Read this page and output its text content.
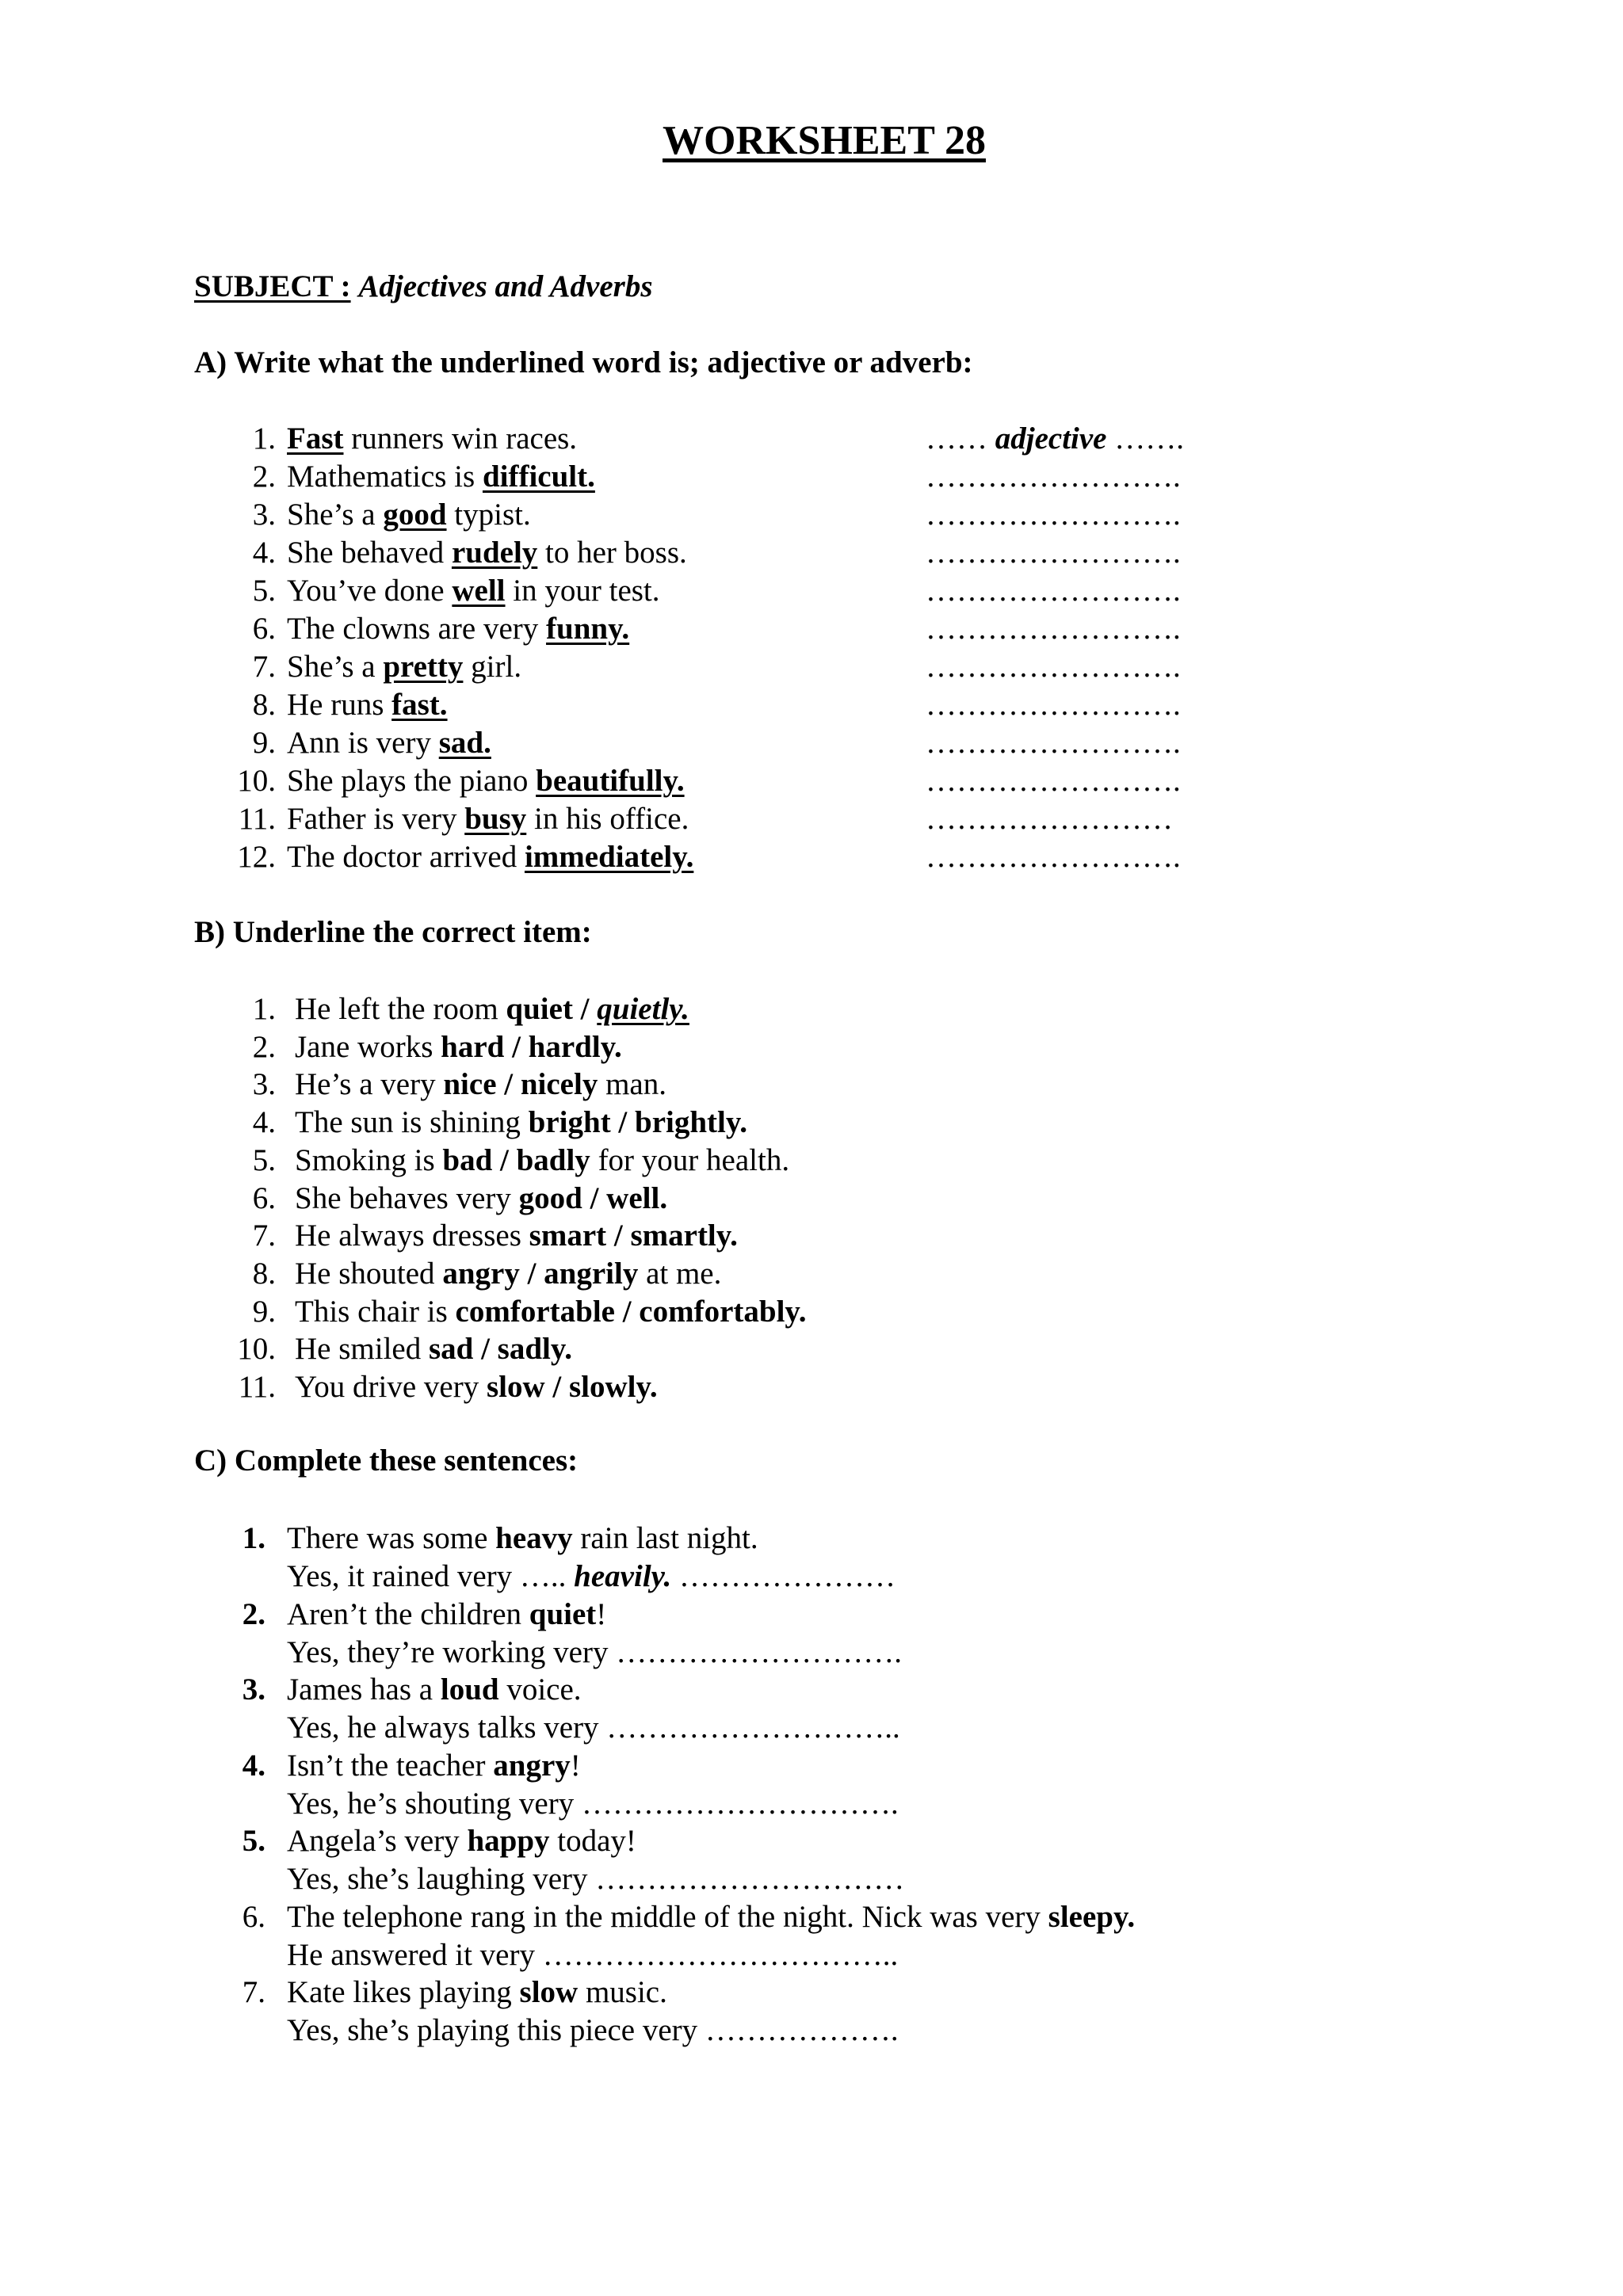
WORKSHEET 28
SUBJECT : Adjectives and Adverbs
A) Write what the underlined word is; adjective or adverb:
1. Fast runners win races.	…… adjective …….
2. Mathematics is difficult.	…………………….
3. She’s a good typist.	…………………….
4. She behaved rudely to her boss.	…………………….
5. You’ve done well in your test.	…………………….
6. The clowns are very funny.	…………………….
7. She’s a pretty girl.	…………………….
8. He runs fast.	…………………….
9. Ann is very sad.	…………………….
10. She plays the piano beautifully.	…………………….
11. Father is very busy in his office.	……………………
12. The doctor arrived immediately.	…………………….
B) Underline the correct item:
1. He left the room quiet / quietly.
2. Jane works hard / hardly.
3. He’s a very nice / nicely man.
4. The sun is shining bright / brightly.
5. Smoking is bad / badly for your health.
6. She behaves very good / well.
7. He always dresses smart / smartly.
8. He shouted angry / angrily at me.
9. This chair is comfortable / comfortably.
10. He smiled sad / sadly.
11. You drive very slow / slowly.
C) Complete these sentences:
1. There was some heavy rain last night.
Yes, it rained very ….. heavily. …………………
2. Aren’t the children quiet!
Yes, they’re working very ……………………….
3. James has a loud voice.
Yes, he always talks very ………………………..
4. Isn’t the teacher angry!
Yes, he’s shouting very ………………………….
5. Angela’s very happy today!
Yes, she’s laughing very …………………………
6. The telephone rang in the middle of the night. Nick was very sleepy.
He answered it very ……………………………..
7. Kate likes playing slow music.
Yes, she’s playing this piece very ……………….
